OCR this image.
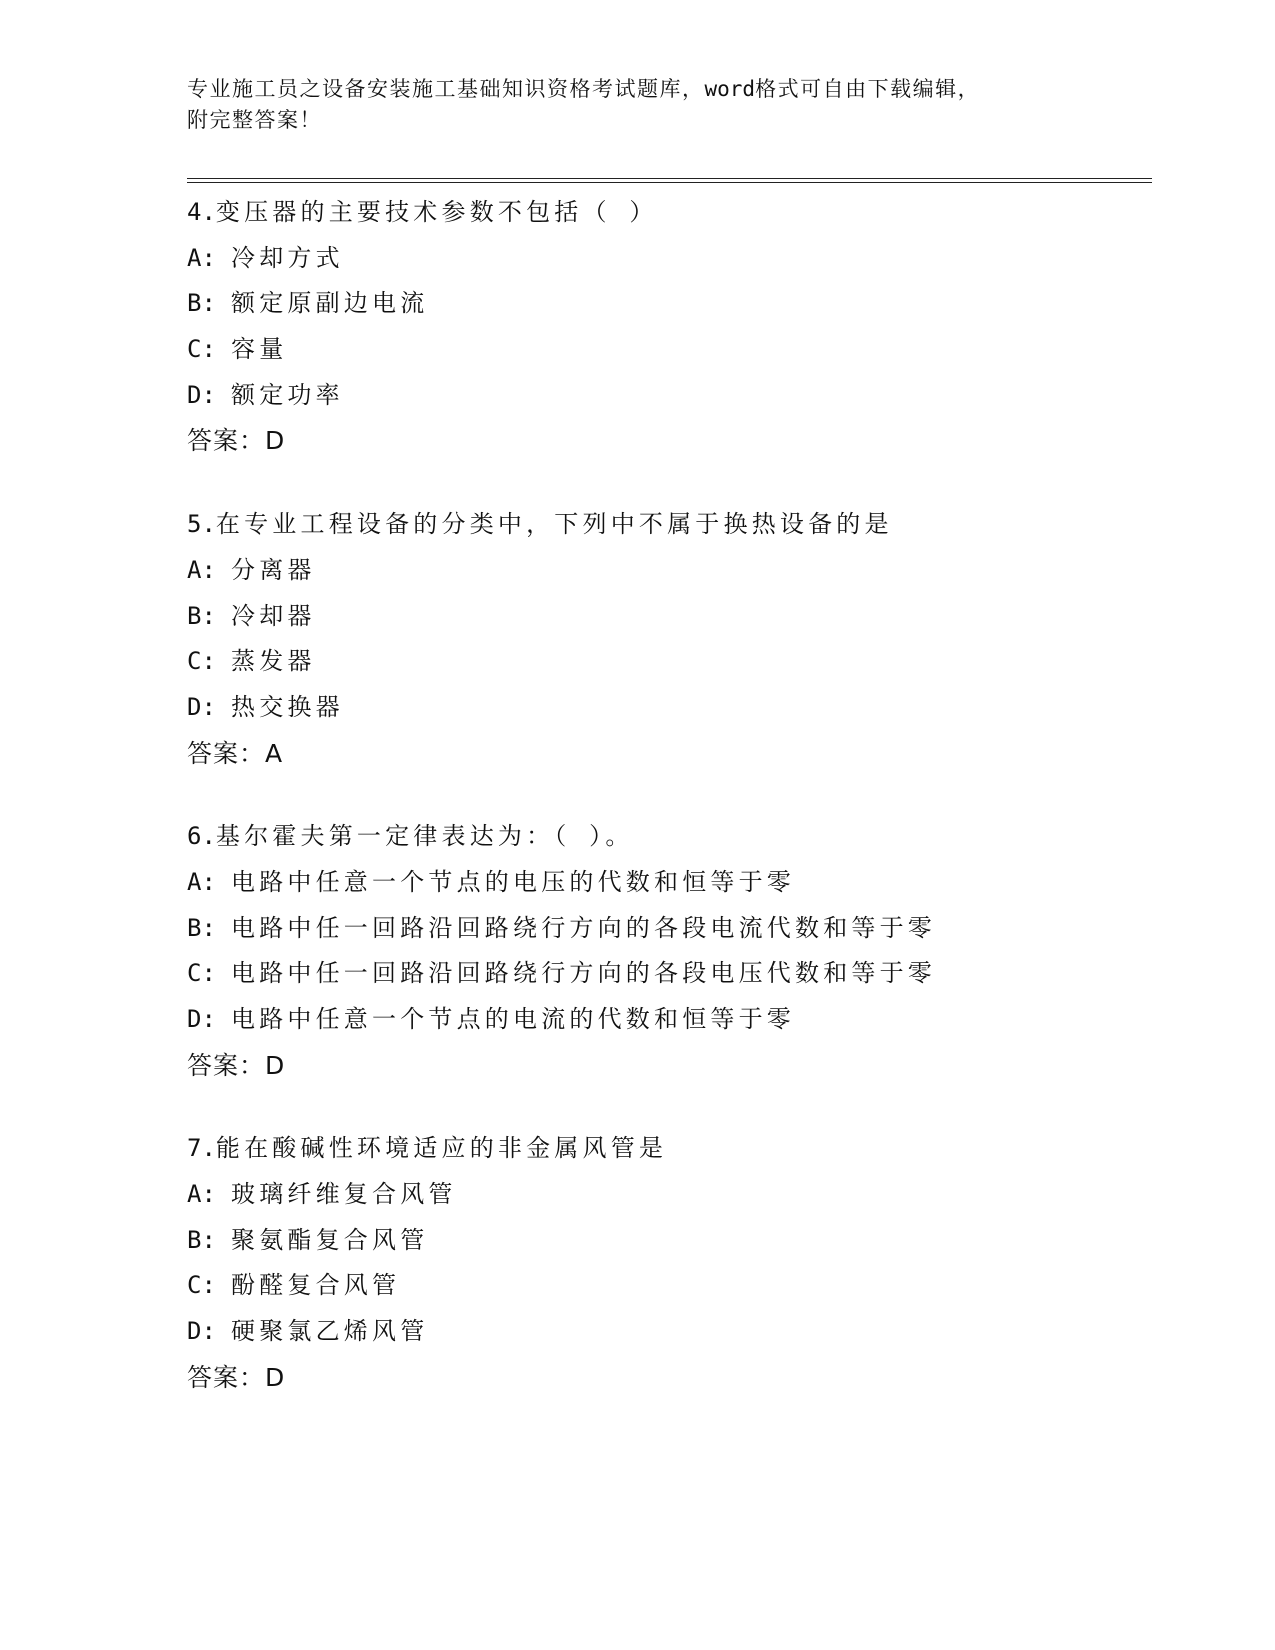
专业施工员之设备安装施工基础知识资格考试题库，word格式可自由下载编辑，
附完整答案！
4.变压器的主要技术参数不包括（ ）
A: 冷却方式
B: 额定原副边电流
C: 容量
D: 额定功率
答案：D
5.在专业工程设备的分类中，下列中不属于换热设备的是
A: 分离器
B: 冷却器
C: 蒸发器
D: 热交换器
答案：A
6.基尔霍夫第一定律表达为：（ ）。
A: 电路中任意一个节点的电压的代数和恒等于零
B: 电路中任一回路沿回路绕行方向的各段电流代数和等于零
C: 电路中任一回路沿回路绕行方向的各段电压代数和等于零
D: 电路中任意一个节点的电流的代数和恒等于零
答案：D
7.能在酸碱性环境适应的非金属风管是
A: 玻璃纤维复合风管
B: 聚氨酯复合风管
C: 酚醛复合风管
D: 硬聚氯乙烯风管
答案：D
